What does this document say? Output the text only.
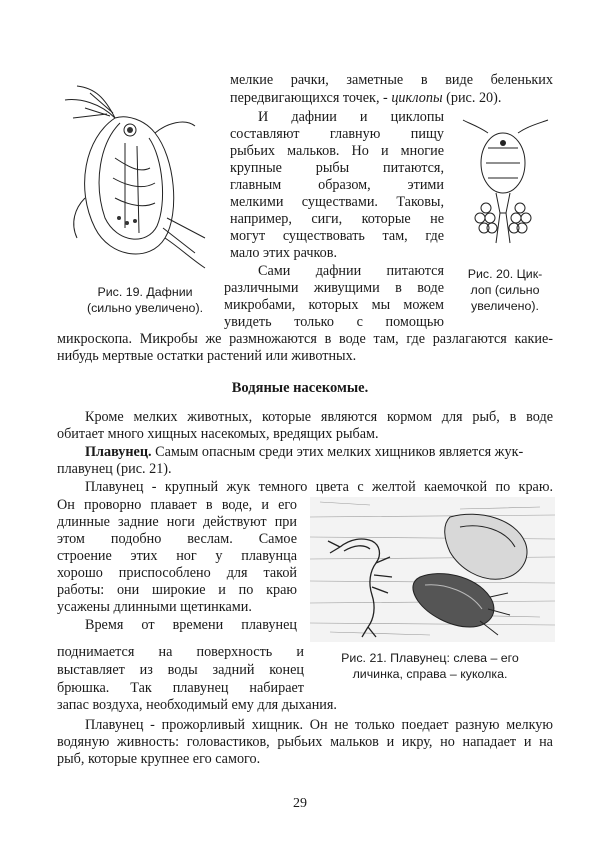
Рис. 19. Дафнии
(сильно увеличено).
Рис. 20. Цик-
лоп (сильно
увеличено).
мелкие рачки, заметные в виде беленьких
передвигающихся точек, - циклопы (рис. 20).
И дафнии и циклопы
составляют главную пищу
рыбьих мальков. Но и многие
крупные рыбы питаются,
главным образом, этими
мелкими существами. Таковы,
например, сиги, которые не
могут существовать там, где
мало этих рачков.
Сами дафнии питаются
различными живущими в воде
микробами, которых мы можем
увидеть только с помощью
микроскопа. Микробы же размножаются в воде там, где разлагаются какие-
нибудь мертвые остатки растений или животных.
Водяные насекомые.
Кроме мелких животных, которые являются кормом для рыб, в воде
обитает много хищных насекомых, вредящих рыбам.
Плавунец. Самым опасным среди этих мелких хищников является жук-
плавунец (рис. 21).
Плавунец - крупный жук темного цвета с желтой каемочкой по краю.
Он проворно плавает в воде, и его
длинные задние ноги действуют при
этом подобно веслам. Самое
строение этих ног у плавунца
хорошо приспособлено для такой
работы: они широкие и по краю
усажены длинными щетинками.
Время от времени плавунец
поднимается на поверхность и
выставляет из воды задний конец
брюшка. Так плавунец набирает
запас воздуха, необходимый ему для дыхания.
Рис. 21. Плавунец: слева – его
личинка, справа – куколка.
Плавунец - прожорливый хищник. Он не только поедает разную мелкую
водяную живность: головастиков, рыбьих мальков и икру, но нападает и на
рыб, которые крупнее его самого.
29
